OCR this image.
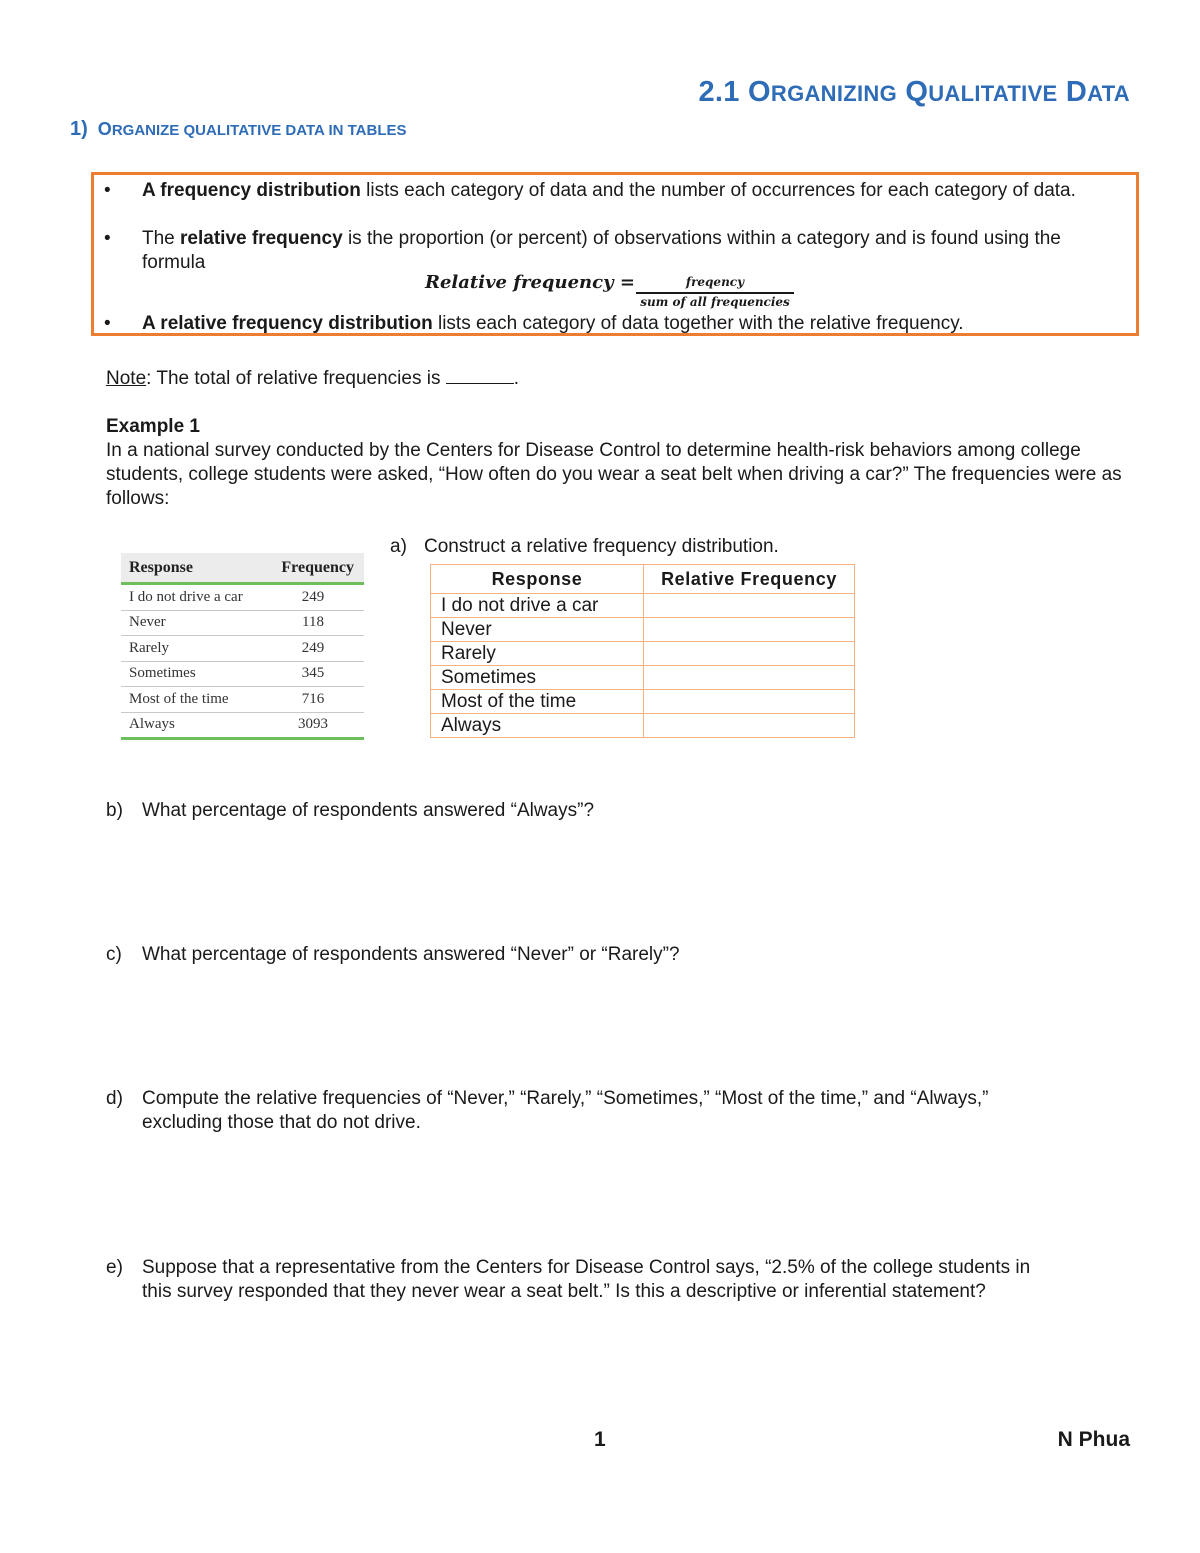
2.1 ORGANIZING QUALITATIVE DATA
1) ORGANIZE QUALITATIVE DATA IN TABLES
• A frequency distribution lists each category of data and the number of occurrences for each category of data.
• The relative frequency is the proportion (or percent) of observations within a category and is found using the formula
Relative frequency =	freqency
sum of all frequencies
• A relative frequency distribution lists each category of data together with the relative frequency.
Note: The total of relative frequencies is	.
Example 1
In a national survey conducted by the Centers for Disease Control to determine health-risk behaviors among college students, college students were asked, “How often do you wear a seat belt when driving a car?” The frequencies were as follows:
Response	Frequency
I do not drive a car	249
Never	118
Rarely	249
Sometimes	345
Most of the time	716
Always	3093
a) Construct a relative frequency distribution.
Response	Relative Frequency
I do not drive a car	
Never	
Rarely	
Sometimes	
Most of the time	
Always	
b) What percentage of respondents answered “Always”?
c) What percentage of respondents answered “Never” or “Rarely”?
d) Compute the relative frequencies of “Never,” “Rarely,” “Sometimes,” “Most of the time,” and “Always,”
excluding those that do not drive.
e) Suppose that a representative from the Centers for Disease Control says, “2.5% of the college students in
this survey responded that they never wear a seat belt.” Is this a descriptive or inferential statement?
1	N Phua
